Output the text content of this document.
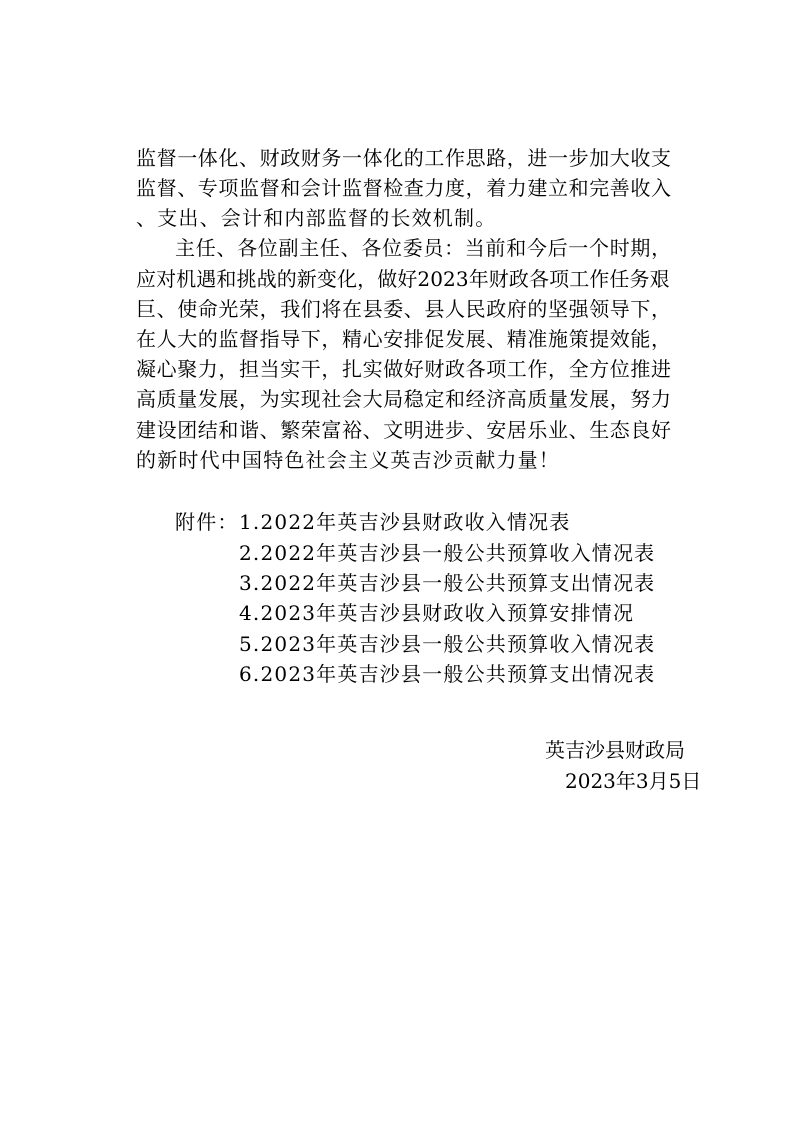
监督一体化、财政财务一体化的工作思路，进一步加大收支
监督、专项监督和会计监督检查力度，着力建立和完善收入
、支出、会计和内部监督的长效机制。
主任、各位副主任、各位委员：当前和今后一个时期，
应对机遇和挑战的新变化，做好2023年财政各项工作任务艰
巨、使命光荣，我们将在县委、县人民政府的坚强领导下，
在人大的监督指导下，精心安排促发展、精准施策提效能，
凝心聚力，担当实干，扎实做好财政各项工作，全方位推进
高质量发展，为实现社会大局稳定和经济高质量发展，努力
建设团结和谐、繁荣富裕、文明进步、安居乐业、生态良好
的新时代中国特色社会主义英吉沙贡献力量！
附件： 1.2022年英吉沙县财政收入情况表
2.2022年英吉沙县一般公共预算收入情况表
3.2022年英吉沙县一般公共预算支出情况表
4.2023年英吉沙县财政收入预算安排情况
5.2023年英吉沙县一般公共预算收入情况表
6.2023年英吉沙县一般公共预算支出情况表
英吉沙县财政局
2023年3月5日
